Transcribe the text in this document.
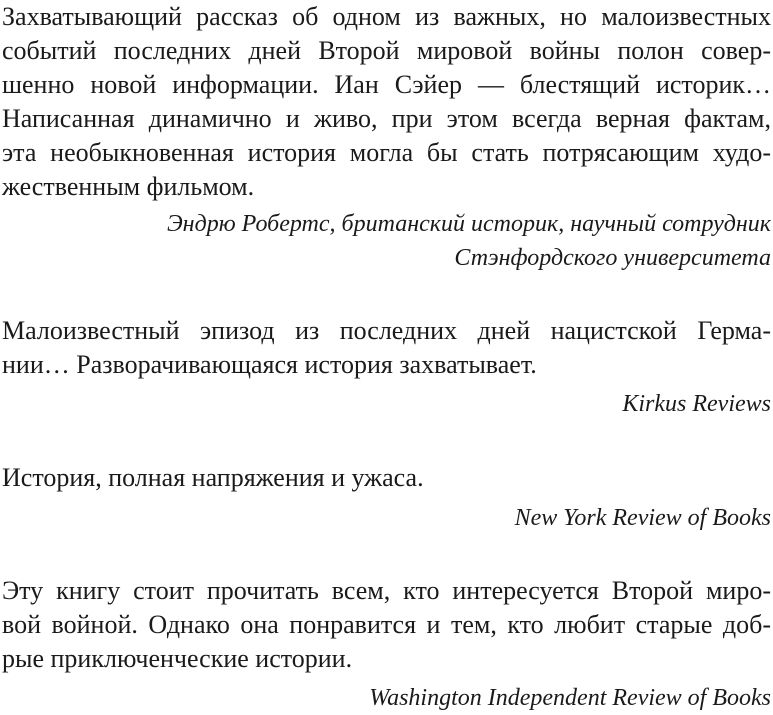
Захватывающий рассказ об одном из важных, но малоизвестных
событий последних дней Второй мировой войны полон совер-
шенно новой информации. Иан Сэйер — блестящий историк…
Написанная динамично и живо, при этом всегда верная фактам,
эта необыкновенная история могла бы стать потрясающим худо-
жественным фильмом.
Эндрю Робертс, британский историк, научный сотрудник
Стэнфордского университета
Малоизвестный эпизод из последних дней нацистской Герма-
нии… Разворачивающаяся история захватывает.
Kirkus Reviews
История, полная напряжения и ужаса.
New York Review of Books
Эту книгу стоит прочитать всем, кто интересуется Второй миро-
вой войной. Однако она понравится и тем, кто любит старые доб-
рые приключенческие истории.
Washington Independent Review of Books
